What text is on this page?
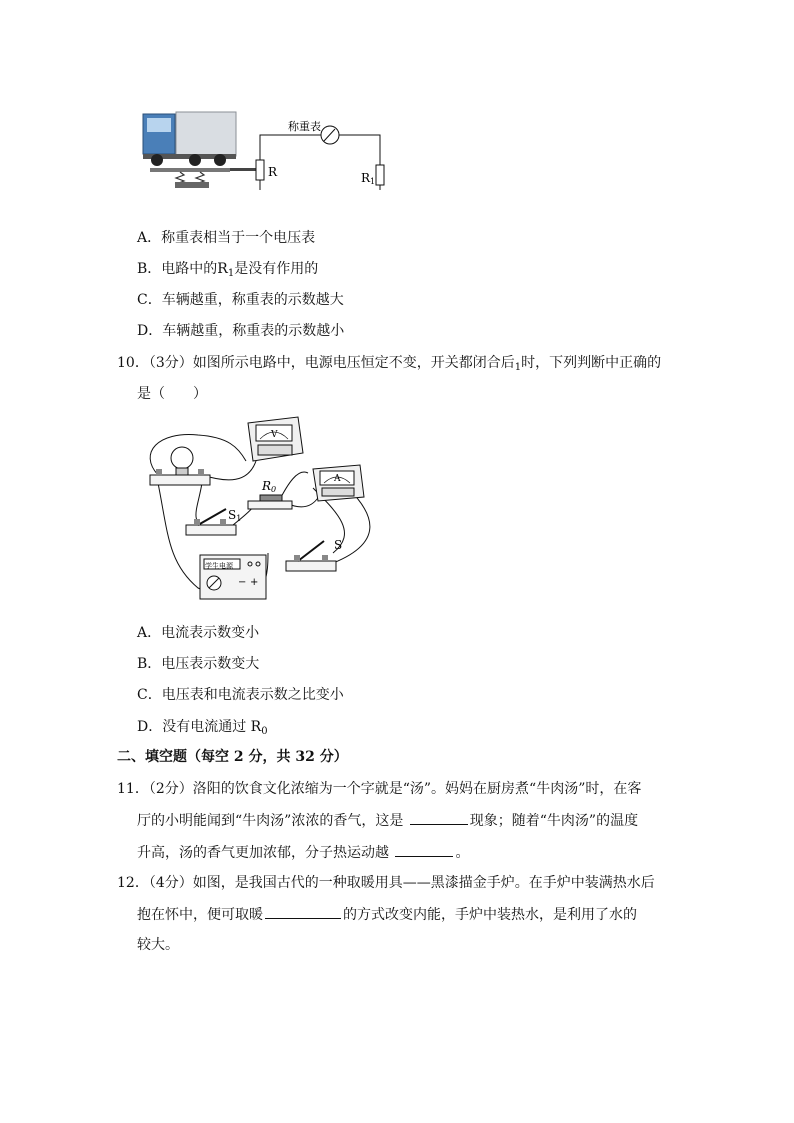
称重表
R	R1
A．称重表相当于一个电压表
B．电路中的$R_1$是没有作用的
C．车辆越重，称重表的示数越大
D．车辆越重，称重表的示数越小
10．（3分）如图所示电路中，电源电压恒定不变，开关都闭合后$_1$时，下列判断中正确的
是（　　）
V
A
R0
S1
S
学生电源
− +
A．电流表示数变小
B．电压表示数变大
C．电压表和电流表示数之比变小
D．没有电流通过 $R_0$
二、填空题（每空 2 分，共 32 分）
11．（2分）洛阳的饮食文化浓缩为一个字就是“汤”。妈妈在厨房煮“牛肉汤”时，在客
厅的小明能闻到“牛肉汤”浓浓的香气，这是	现象；随着“牛肉汤”的温度
升高，汤的香气更加浓郁，分子热运动越	。
12．（4分）如图，是我国古代的一种取暖用具——黑漆描金手炉。在手炉中装满热水后
抱在怀中，便可取暖	的方式改变内能，手炉中装热水，是利用了水的
较大。
